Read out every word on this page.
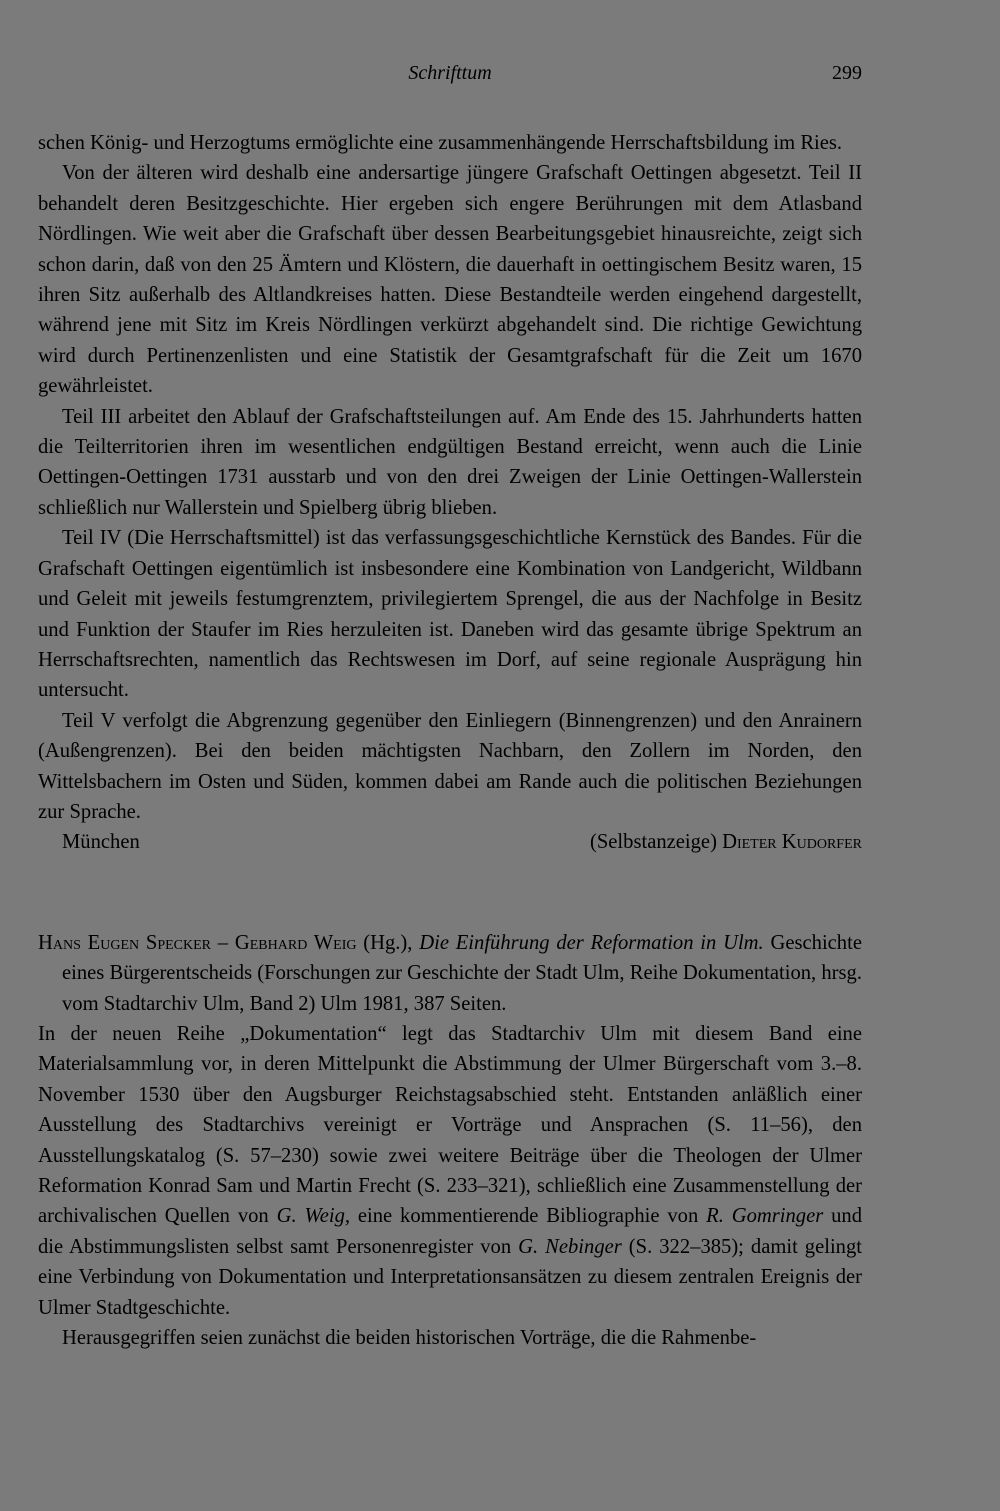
Schrifttum	299

schen König- und Herzogtums ermöglichte eine zusammenhängende Herrschaftsbildung im Ries.

Von der älteren wird deshalb eine andersartige jüngere Grafschaft Oettingen abgesetzt. Teil II behandelt deren Besitzgeschichte. Hier ergeben sich engere Berührungen mit dem Atlasband Nördlingen. Wie weit aber die Grafschaft über dessen Bearbeitungsgebiet hinausreichte, zeigt sich schon darin, daß von den 25 Ämtern und Klöstern, die dauerhaft in oettingischem Besitz waren, 15 ihren Sitz außerhalb des Altlandkreises hatten. Diese Bestandteile werden eingehend dargestellt, während jene mit Sitz im Kreis Nördlingen verkürzt abgehandelt sind. Die richtige Gewichtung wird durch Pertinenzenlisten und eine Statistik der Gesamtgrafschaft für die Zeit um 1670 gewährleistet.

Teil III arbeitet den Ablauf der Grafschaftsteilungen auf. Am Ende des 15. Jahrhunderts hatten die Teilterritorien ihren im wesentlichen endgültigen Bestand erreicht, wenn auch die Linie Oettingen-Oettingen 1731 ausstarb und von den drei Zweigen der Linie Oettingen-Wallerstein schließlich nur Wallerstein und Spielberg übrig blieben.

Teil IV (Die Herrschaftsmittel) ist das verfassungsgeschichtliche Kernstück des Bandes. Für die Grafschaft Oettingen eigentümlich ist insbesondere eine Kombination von Landgericht, Wildbann und Geleit mit jeweils festumgrenztem, privilegiertem Sprengel, die aus der Nachfolge in Besitz und Funktion der Staufer im Ries herzuleiten ist. Daneben wird das gesamte übrige Spektrum an Herrschaftsrechten, namentlich das Rechtswesen im Dorf, auf seine regionale Ausprägung hin untersucht.

Teil V verfolgt die Abgrenzung gegenüber den Einliegern (Binnengrenzen) und den Anrainern (Außengrenzen). Bei den beiden mächtigsten Nachbarn, den Zollern im Norden, den Wittelsbachern im Osten und Süden, kommen dabei am Rande auch die politischen Beziehungen zur Sprache.

München	(Selbstanzeige) Dieter Kudorfer

Hans Eugen Specker – Gebhard Weig (Hg.), Die Einführung der Reformation in Ulm. Geschichte eines Bürgerentscheids (Forschungen zur Geschichte der Stadt Ulm, Reihe Dokumentation, hrsg. vom Stadtarchiv Ulm, Band 2) Ulm 1981, 387 Seiten.

In der neuen Reihe „Dokumentation“ legt das Stadtarchiv Ulm mit diesem Band eine Materialsammlung vor, in deren Mittelpunkt die Abstimmung der Ulmer Bürgerschaft vom 3.–8. November 1530 über den Augsburger Reichstagsabschied steht. Entstanden anläßlich einer Ausstellung des Stadtarchivs vereinigt er Vorträge und Ansprachen (S. 11–56), den Ausstellungskatalog (S. 57–230) sowie zwei weitere Beiträge über die Theologen der Ulmer Reformation Konrad Sam und Martin Frecht (S. 233–321), schließlich eine Zusammenstellung der archivalischen Quellen von G. Weig, eine kommentierende Bibliographie von R. Gomringer und die Abstimmungslisten selbst samt Personenregister von G. Nebinger (S. 322–385); damit gelingt eine Verbindung von Dokumentation und Interpretationsansätzen zu diesem zentralen Ereignis der Ulmer Stadtgeschichte.

Herausgegriffen seien zunächst die beiden historischen Vorträge, die die Rahmenbe-
